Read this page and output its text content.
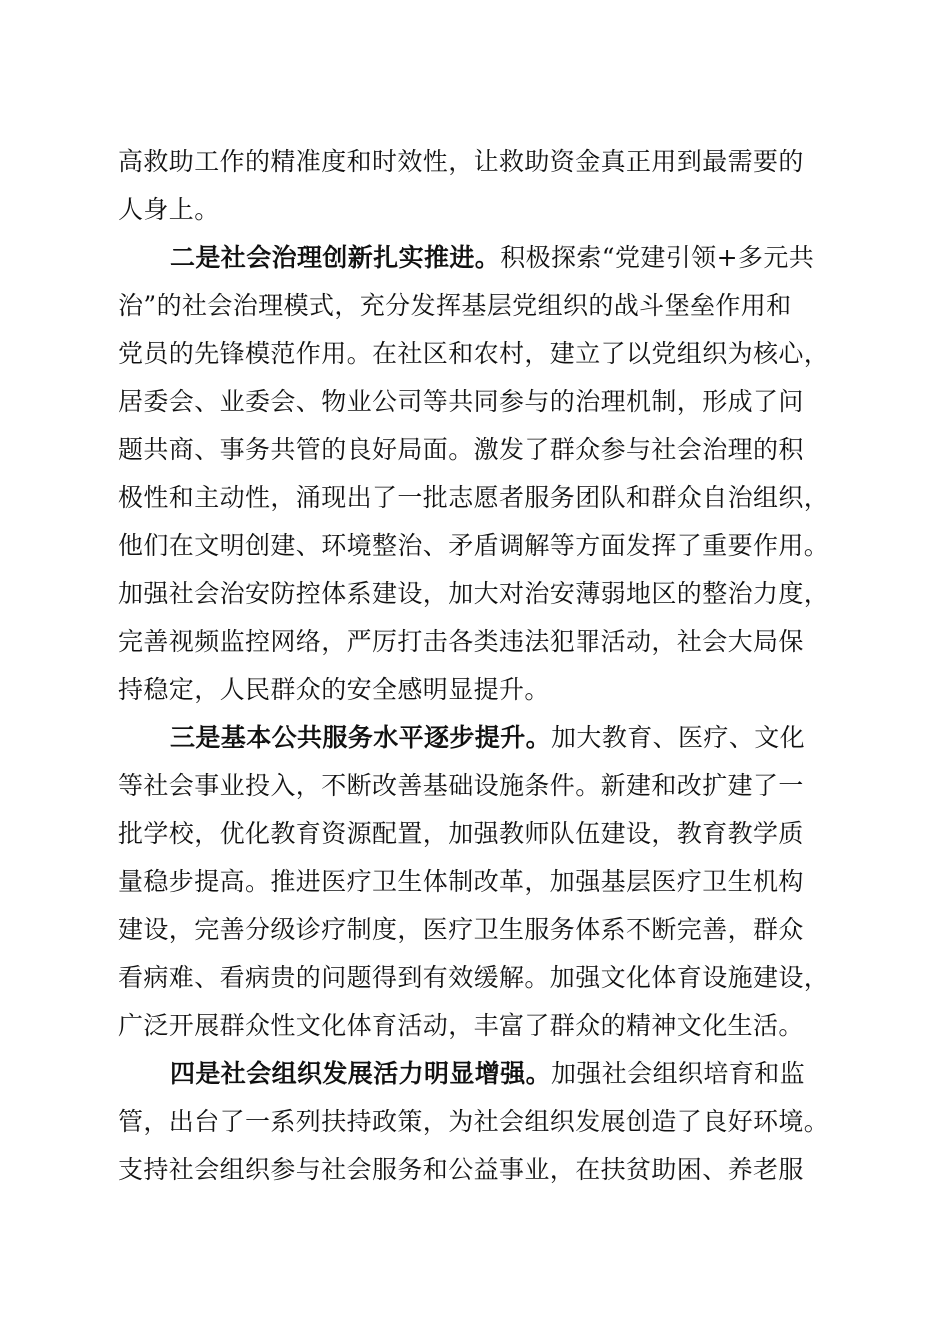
高救助工作的精准度和时效性，让救助资金真正用到最需要的
人身上。
二是社会治理创新扎实推进。积极探索“党建引领+多元共
治”的社会治理模式，充分发挥基层党组织的战斗堡垒作用和
党员的先锋模范作用。在社区和农村，建立了以党组织为核心，
居委会、业委会、物业公司等共同参与的治理机制，形成了问
题共商、事务共管的良好局面。激发了群众参与社会治理的积
极性和主动性，涌现出了一批志愿者服务团队和群众自治组织，
他们在文明创建、环境整治、矛盾调解等方面发挥了重要作用。
加强社会治安防控体系建设，加大对治安薄弱地区的整治力度，
完善视频监控网络，严厉打击各类违法犯罪活动，社会大局保
持稳定，人民群众的安全感明显提升。
三是基本公共服务水平逐步提升。加大教育、医疗、文化
等社会事业投入，不断改善基础设施条件。新建和改扩建了一
批学校，优化教育资源配置，加强教师队伍建设，教育教学质
量稳步提高。推进医疗卫生体制改革，加强基层医疗卫生机构
建设，完善分级诊疗制度，医疗卫生服务体系不断完善，群众
看病难、看病贵的问题得到有效缓解。加强文化体育设施建设，
广泛开展群众性文化体育活动，丰富了群众的精神文化生活。
四是社会组织发展活力明显增强。加强社会组织培育和监
管，出台了一系列扶持政策，为社会组织发展创造了良好环境。
支持社会组织参与社会服务和公益事业，在扶贫助困、养老服
